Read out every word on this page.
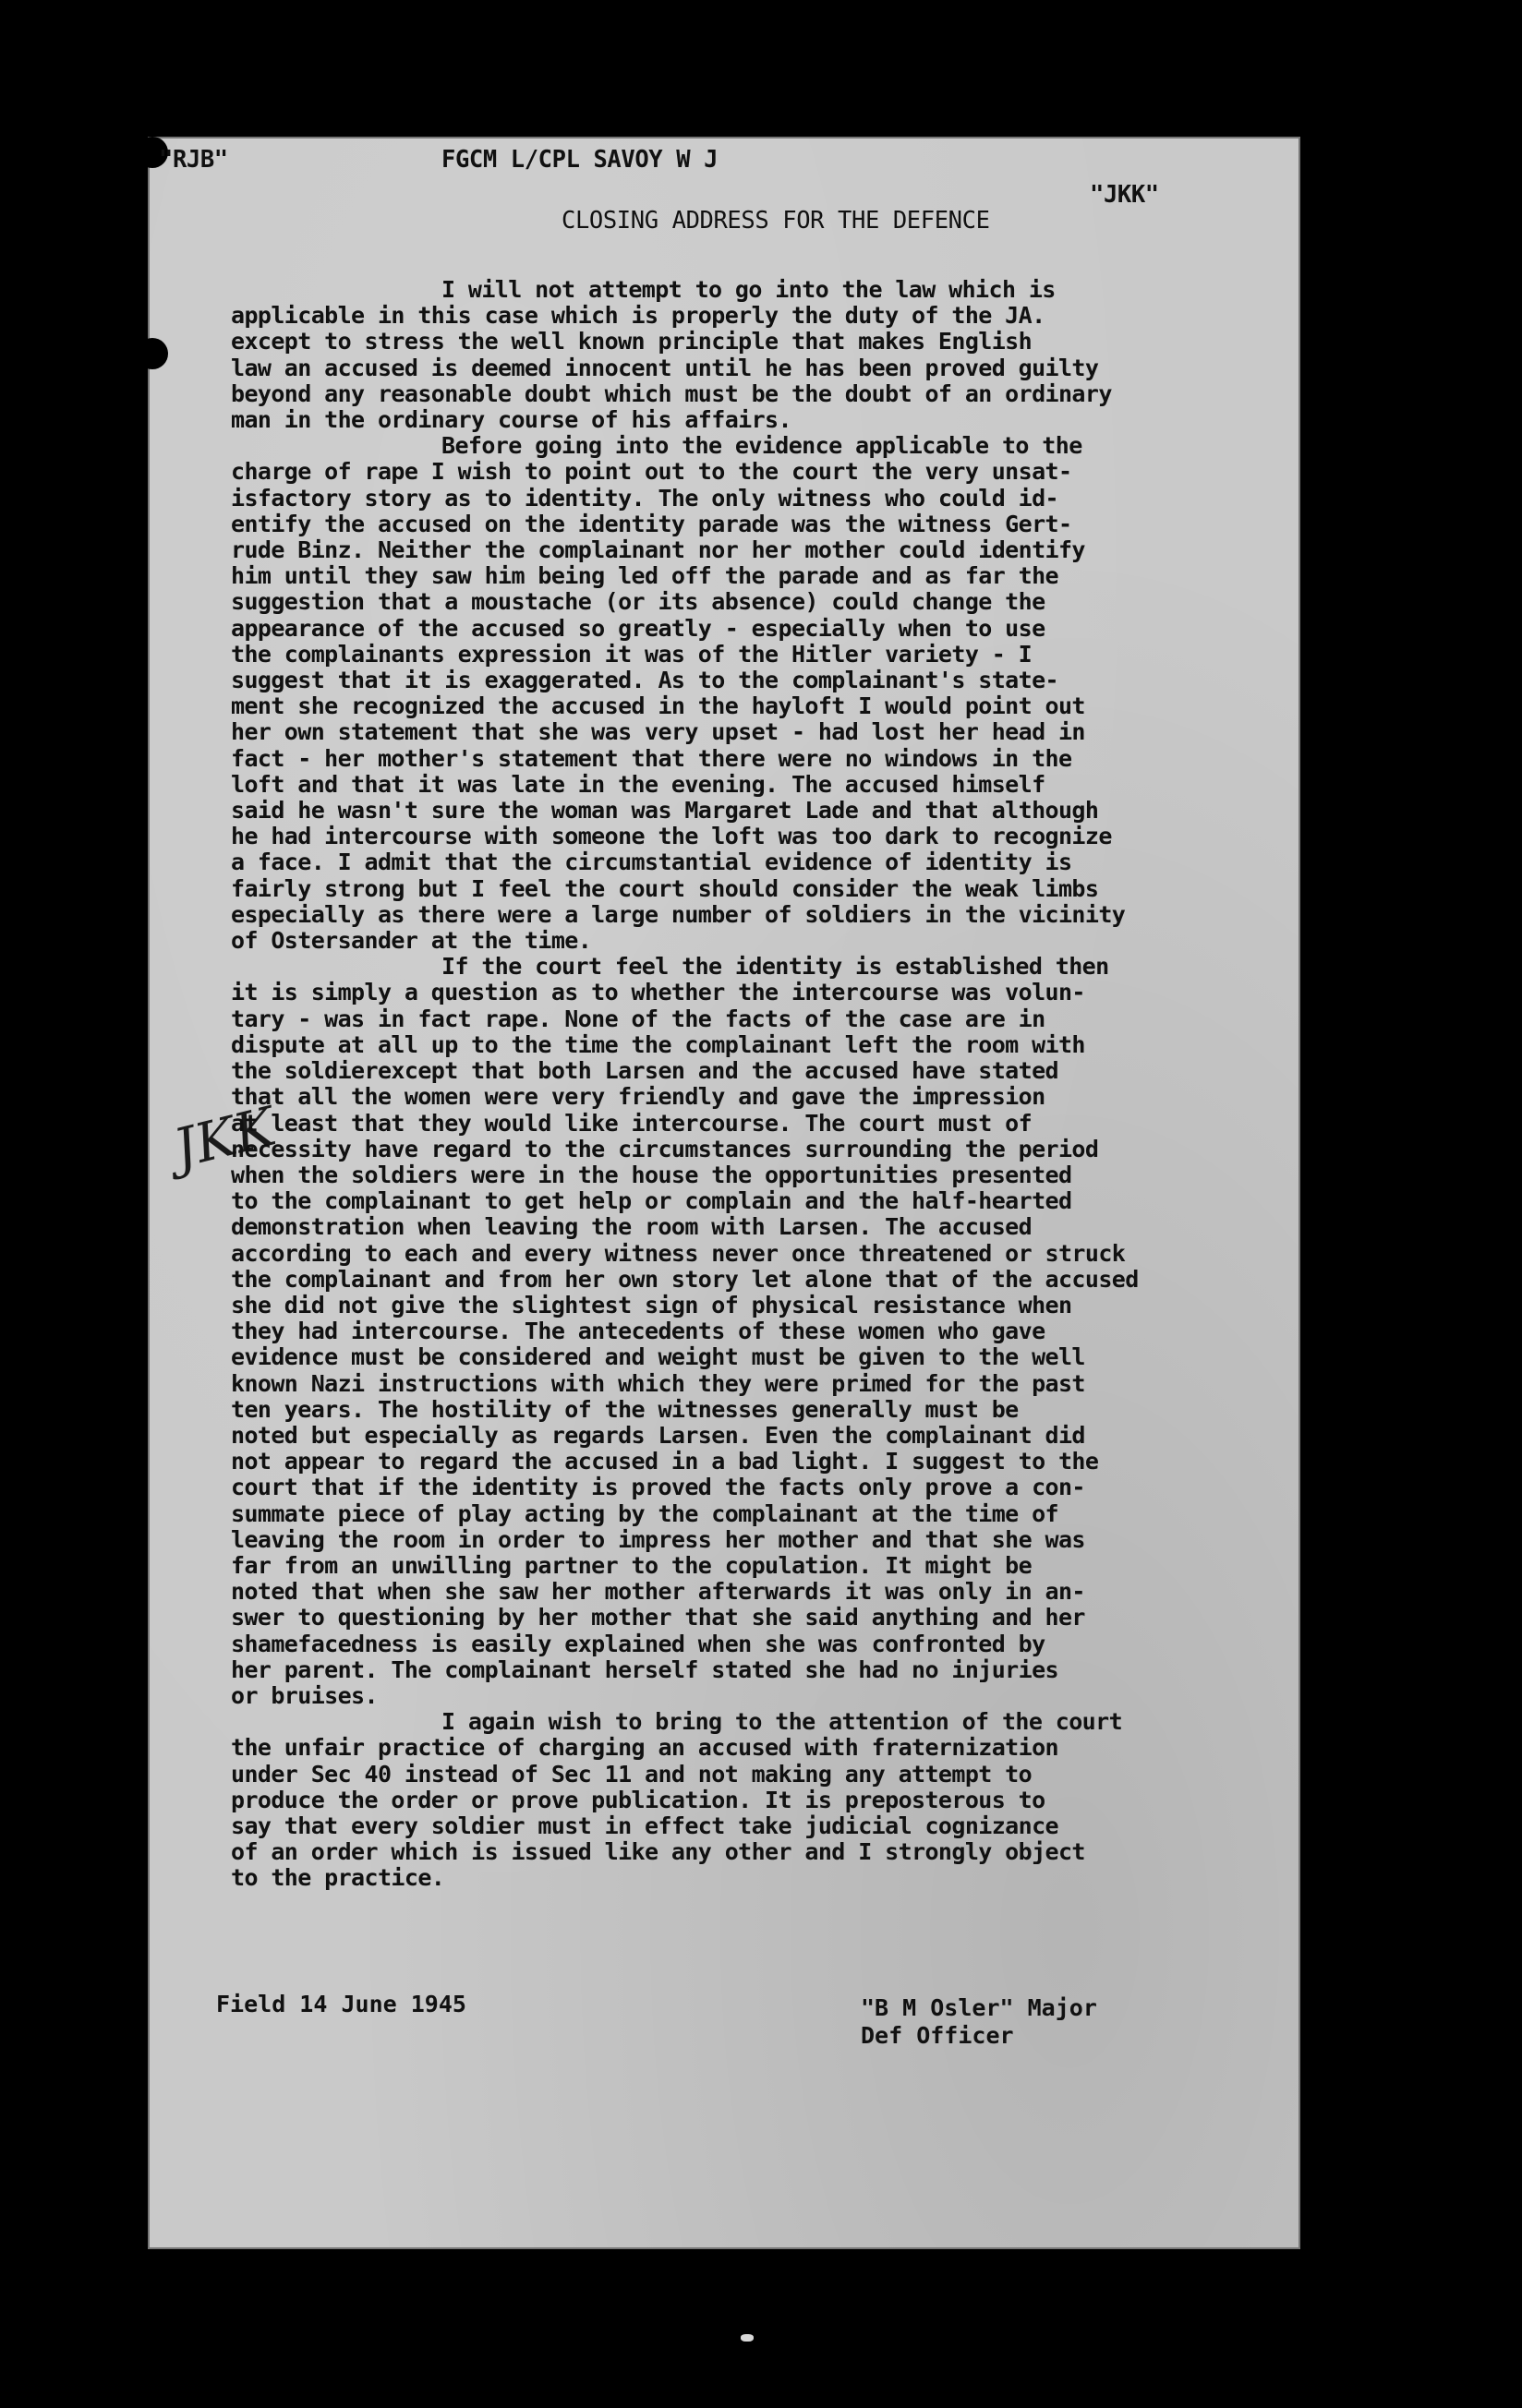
"RJB"	FGCM L/CPL SAVOY W J
"JKK"
CLOSING ADDRESS FOR THE DEFENCE
JKK

I will not attempt to go into the law which is
applicable in this case which is properly the duty of the JA.
except to stress the well known principle that makes English
law an accused is deemed innocent until he has been proved guilty
beyond any reasonable doubt which must be the doubt of an ordinary
man in the ordinary course of his affairs.

Before going into the evidence applicable to the
charge of rape I wish to point out to the court the very unsat-
isfactory story as to identity. The only witness who could id-
entify the accused on the identity parade was the witness Gert-
rude Binz. Neither the complainant nor her mother could identify
him until they saw him being led off the parade and as far the
suggestion that a moustache (or its absence) could change the
appearance of the accused so greatly - especially when to use
the complainants expression it was of the Hitler variety - I
suggest that it is exaggerated. As to the complainant's state-
ment she recognized the accused in the hayloft I would point out
her own statement that she was very upset - had lost her head in
fact - her mother's statement that there were no windows in the
loft and that it was late in the evening. The accused himself
said he wasn't sure the woman was Margaret Lade and that although
he had intercourse with someone the loft was too dark to recognize
a face. I admit that the circumstantial evidence of identity is
fairly strong but I feel the court should consider the weak limbs
especially as there were a large number of soldiers in the vicinity
of Ostersander at the time.

If the court feel the identity is established then
it is simply a question as to whether the intercourse was volun-
tary - was in fact rape. None of the facts of the case are in
dispute at all up to the time the complainant left the room with
the soldierexcept that both Larsen and the accused have stated
that all the women were very friendly and gave the impression
at least that they would like intercourse. The court must of
necessity have regard to the circumstances surrounding the period
when the soldiers were in the house the opportunities presented
to the complainant to get help or complain and the half-hearted
demonstration when leaving the room with Larsen. The accused
according to each and every witness never once threatened or struck
the complainant and from her own story let alone that of the accused
she did not give the slightest sign of physical resistance when
they had intercourse. The antecedents of these women who gave
evidence must be considered and weight must be given to the well
known Nazi instructions with which they were primed for the past
ten years. The hostility of the witnesses generally must be
noted but especially as regards Larsen. Even the complainant did
not appear to regard the accused in a bad light. I suggest to the
court that if the identity is proved the facts only prove a con-
summate piece of play acting by the complainant at the time of
leaving the room in order to impress her mother and that she was
far from an unwilling partner to the copulation. It might be
noted that when she saw her mother afterwards it was only in an-
swer to questioning by her mother that she said anything and her
shamefacedness is easily explained when she was confronted by
her parent. The complainant herself stated she had no injuries
or bruises.

I again wish to bring to the attention of the court
the unfair practice of charging an accused with fraternization
under Sec 40 instead of Sec 11 and not making any attempt to
produce the order or prove publication. It is preposterous to
say that every soldier must in effect take judicial cognizance
of an order which is issued like any other and I strongly object
to the practice.

Field 14 June 1945	"B M Osler" Major
Def Officer
